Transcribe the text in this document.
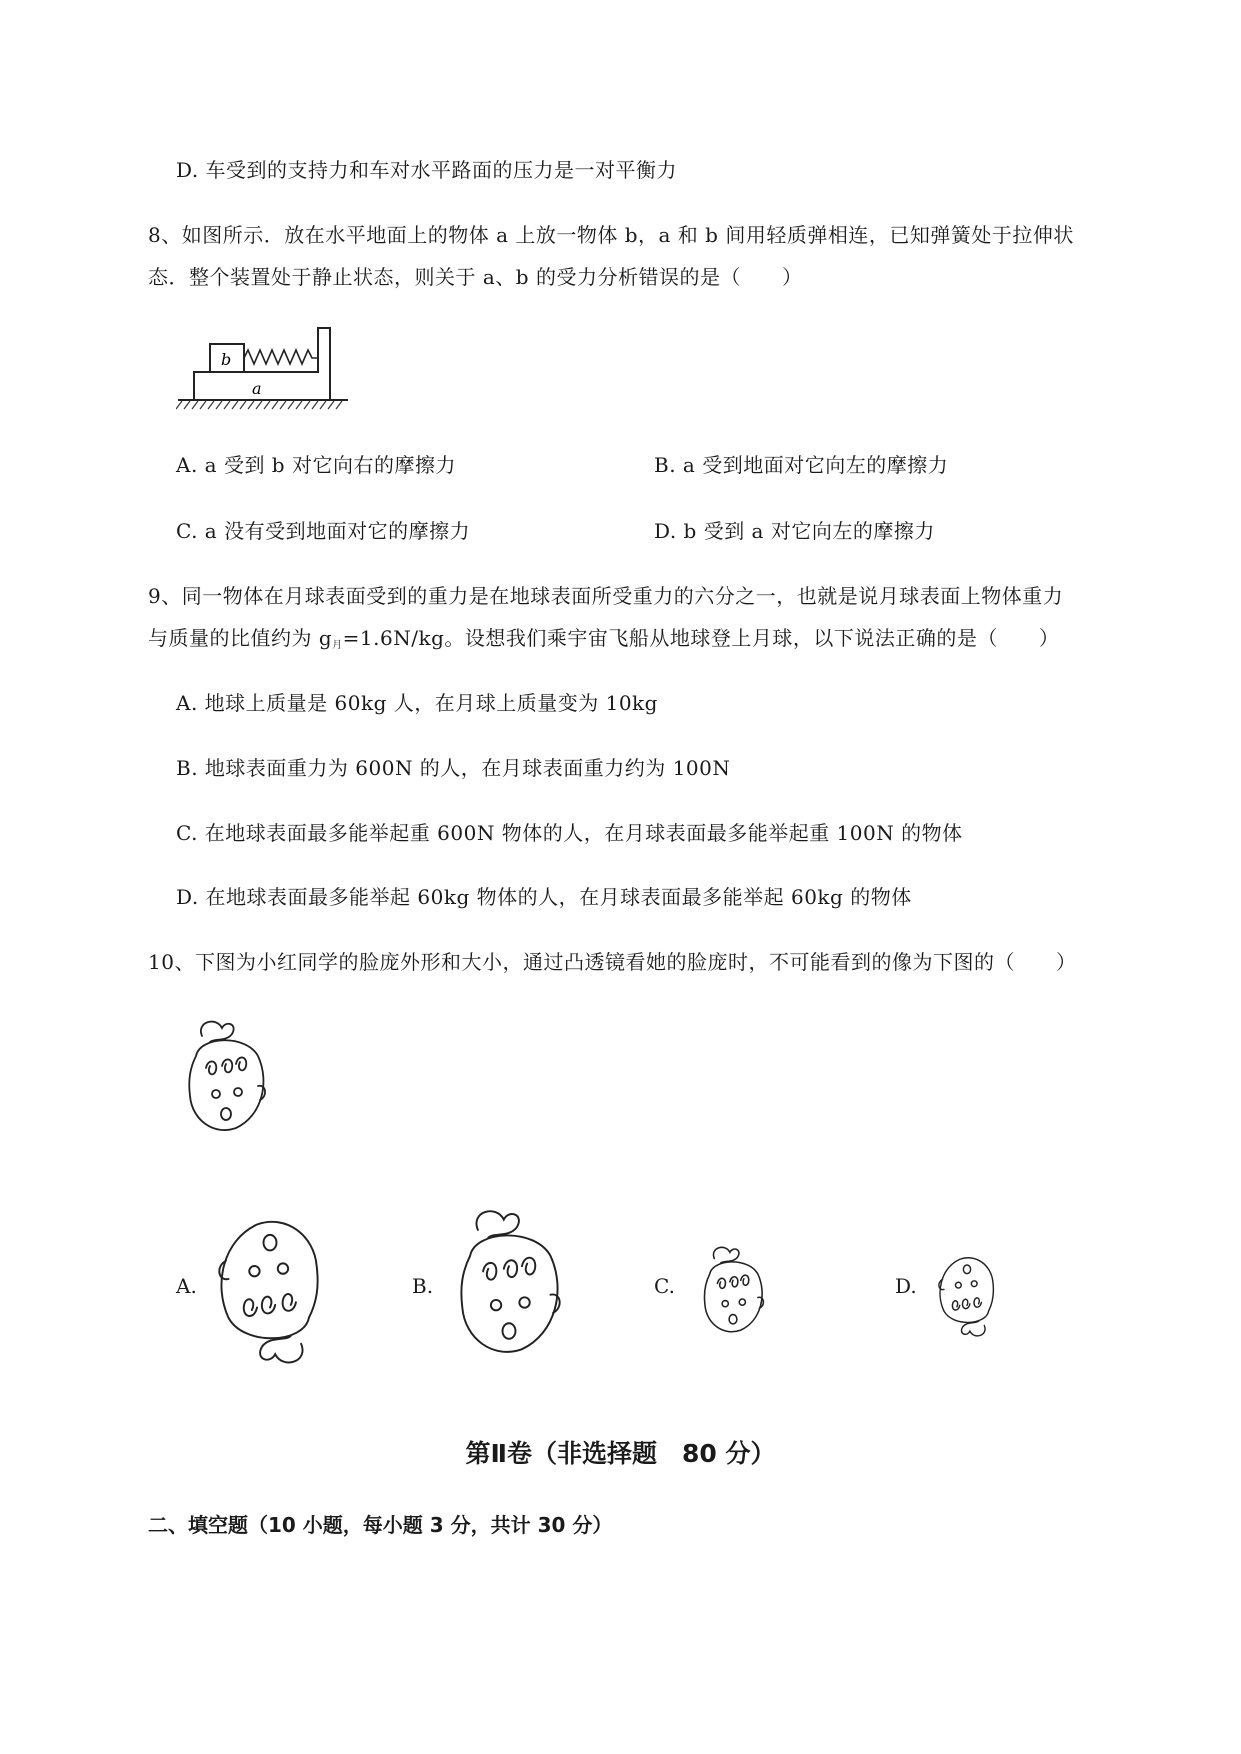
D. 车受到的支持力和车对水平路面的压力是一对平衡力
8、如图所示．放在水平地面上的物体 a 上放一物体 b，a 和 b 间用轻质弹相连，已知弹簧处于拉伸状
态．整个装置处于静止状态，则关于 a、b 的受力分析错误的是（　　）
b
a
A. a 受到 b 对它向右的摩擦力	B. a 受到地面对它向左的摩擦力
C. a 没有受到地面对它的摩擦力	D. b 受到 a 对它向左的摩擦力
9、同一物体在月球表面受到的重力是在地球表面所受重力的六分之一，也就是说月球表面上物体重力
与质量的比值约为 $g_月=1.6N/kg$。设想我们乘宇宙飞船从地球登上月球，以下说法正确的是（　　）
A. 地球上质量是 60kg 人，在月球上质量变为 10kg
B. 地球表面重力为 600N 的人，在月球表面重力约为 100N
C. 在地球表面最多能举起重 600N 物体的人，在月球表面最多能举起重 100N 的物体
D. 在地球表面最多能举起 60kg 物体的人，在月球表面最多能举起 60kg 的物体
10、下图为小红同学的脸庞外形和大小，通过凸透镜看她的脸庞时，不可能看到的像为下图的（　　）
A.	B.	C.	D.
第Ⅱ卷（非选择题　80 分）
二、填空题（10 小题，每小题 3 分，共计 30 分）
